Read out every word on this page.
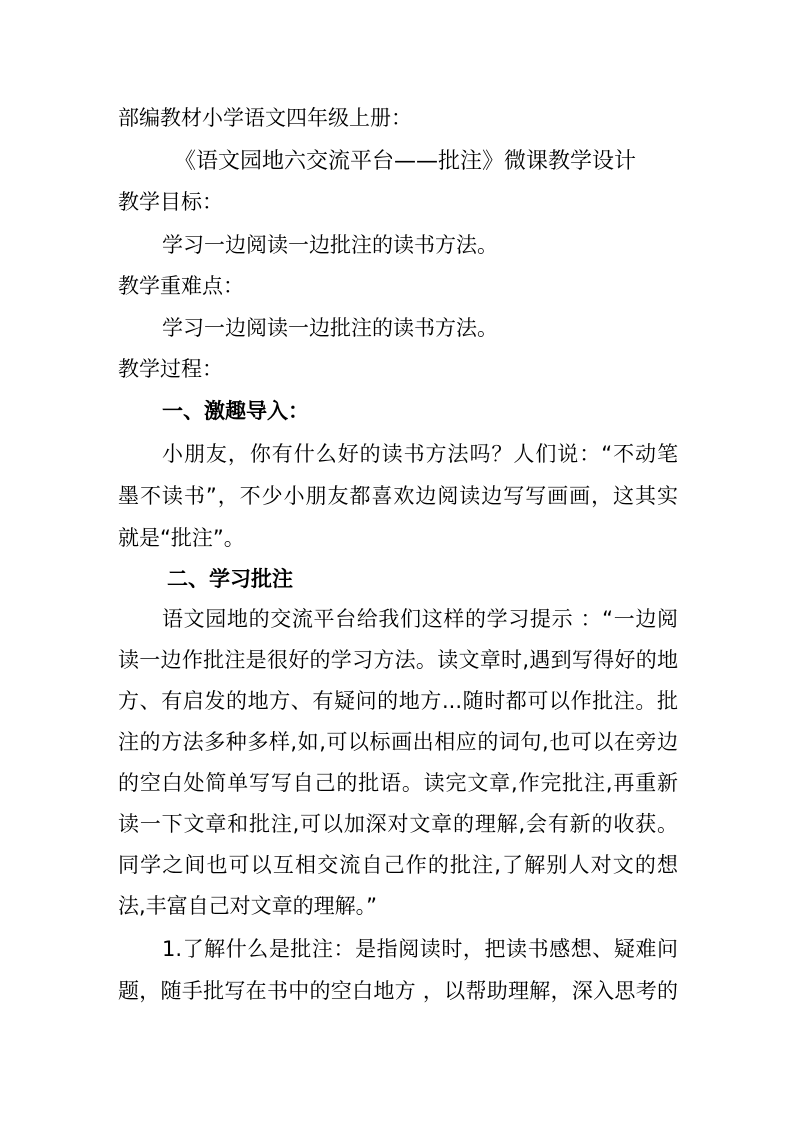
部编教材小学语文四年级上册：
《语文园地六交流平台——批注》微课教学设计
教学目标：
学习一边阅读一边批注的读书方法。
教学重难点：
学习一边阅读一边批注的读书方法。
教学过程：
一、激趣导入：
小朋友，你有什么好的读书方法吗？人们说：“不动笔
墨不读书”，不少小朋友都喜欢边阅读边写写画画，这其实
就是“批注”。
二、学习批注
语文园地的交流平台给我们这样的学习提示 ：“一边阅
读一边作批注是很好的学习方法。读文章时,遇到写得好的地
方、有启发的地方、有疑问的地方...随时都可以作批注。批
注的方法多种多样,如,可以标画出相应的词句,也可以在旁边
的空白处简单写写自己的批语。读完文章,作完批注,再重新
读一下文章和批注,可以加深对文章的理解,会有新的收获。
同学之间也可以互相交流自己作的批注,了解别人对文的想
法,丰富自己对文章的理解。”
1.了解什么是批注：是指阅读时，把读书感想、疑难问
题，随手批写在书中的空白地方 ，以帮助理解，深入思考的
